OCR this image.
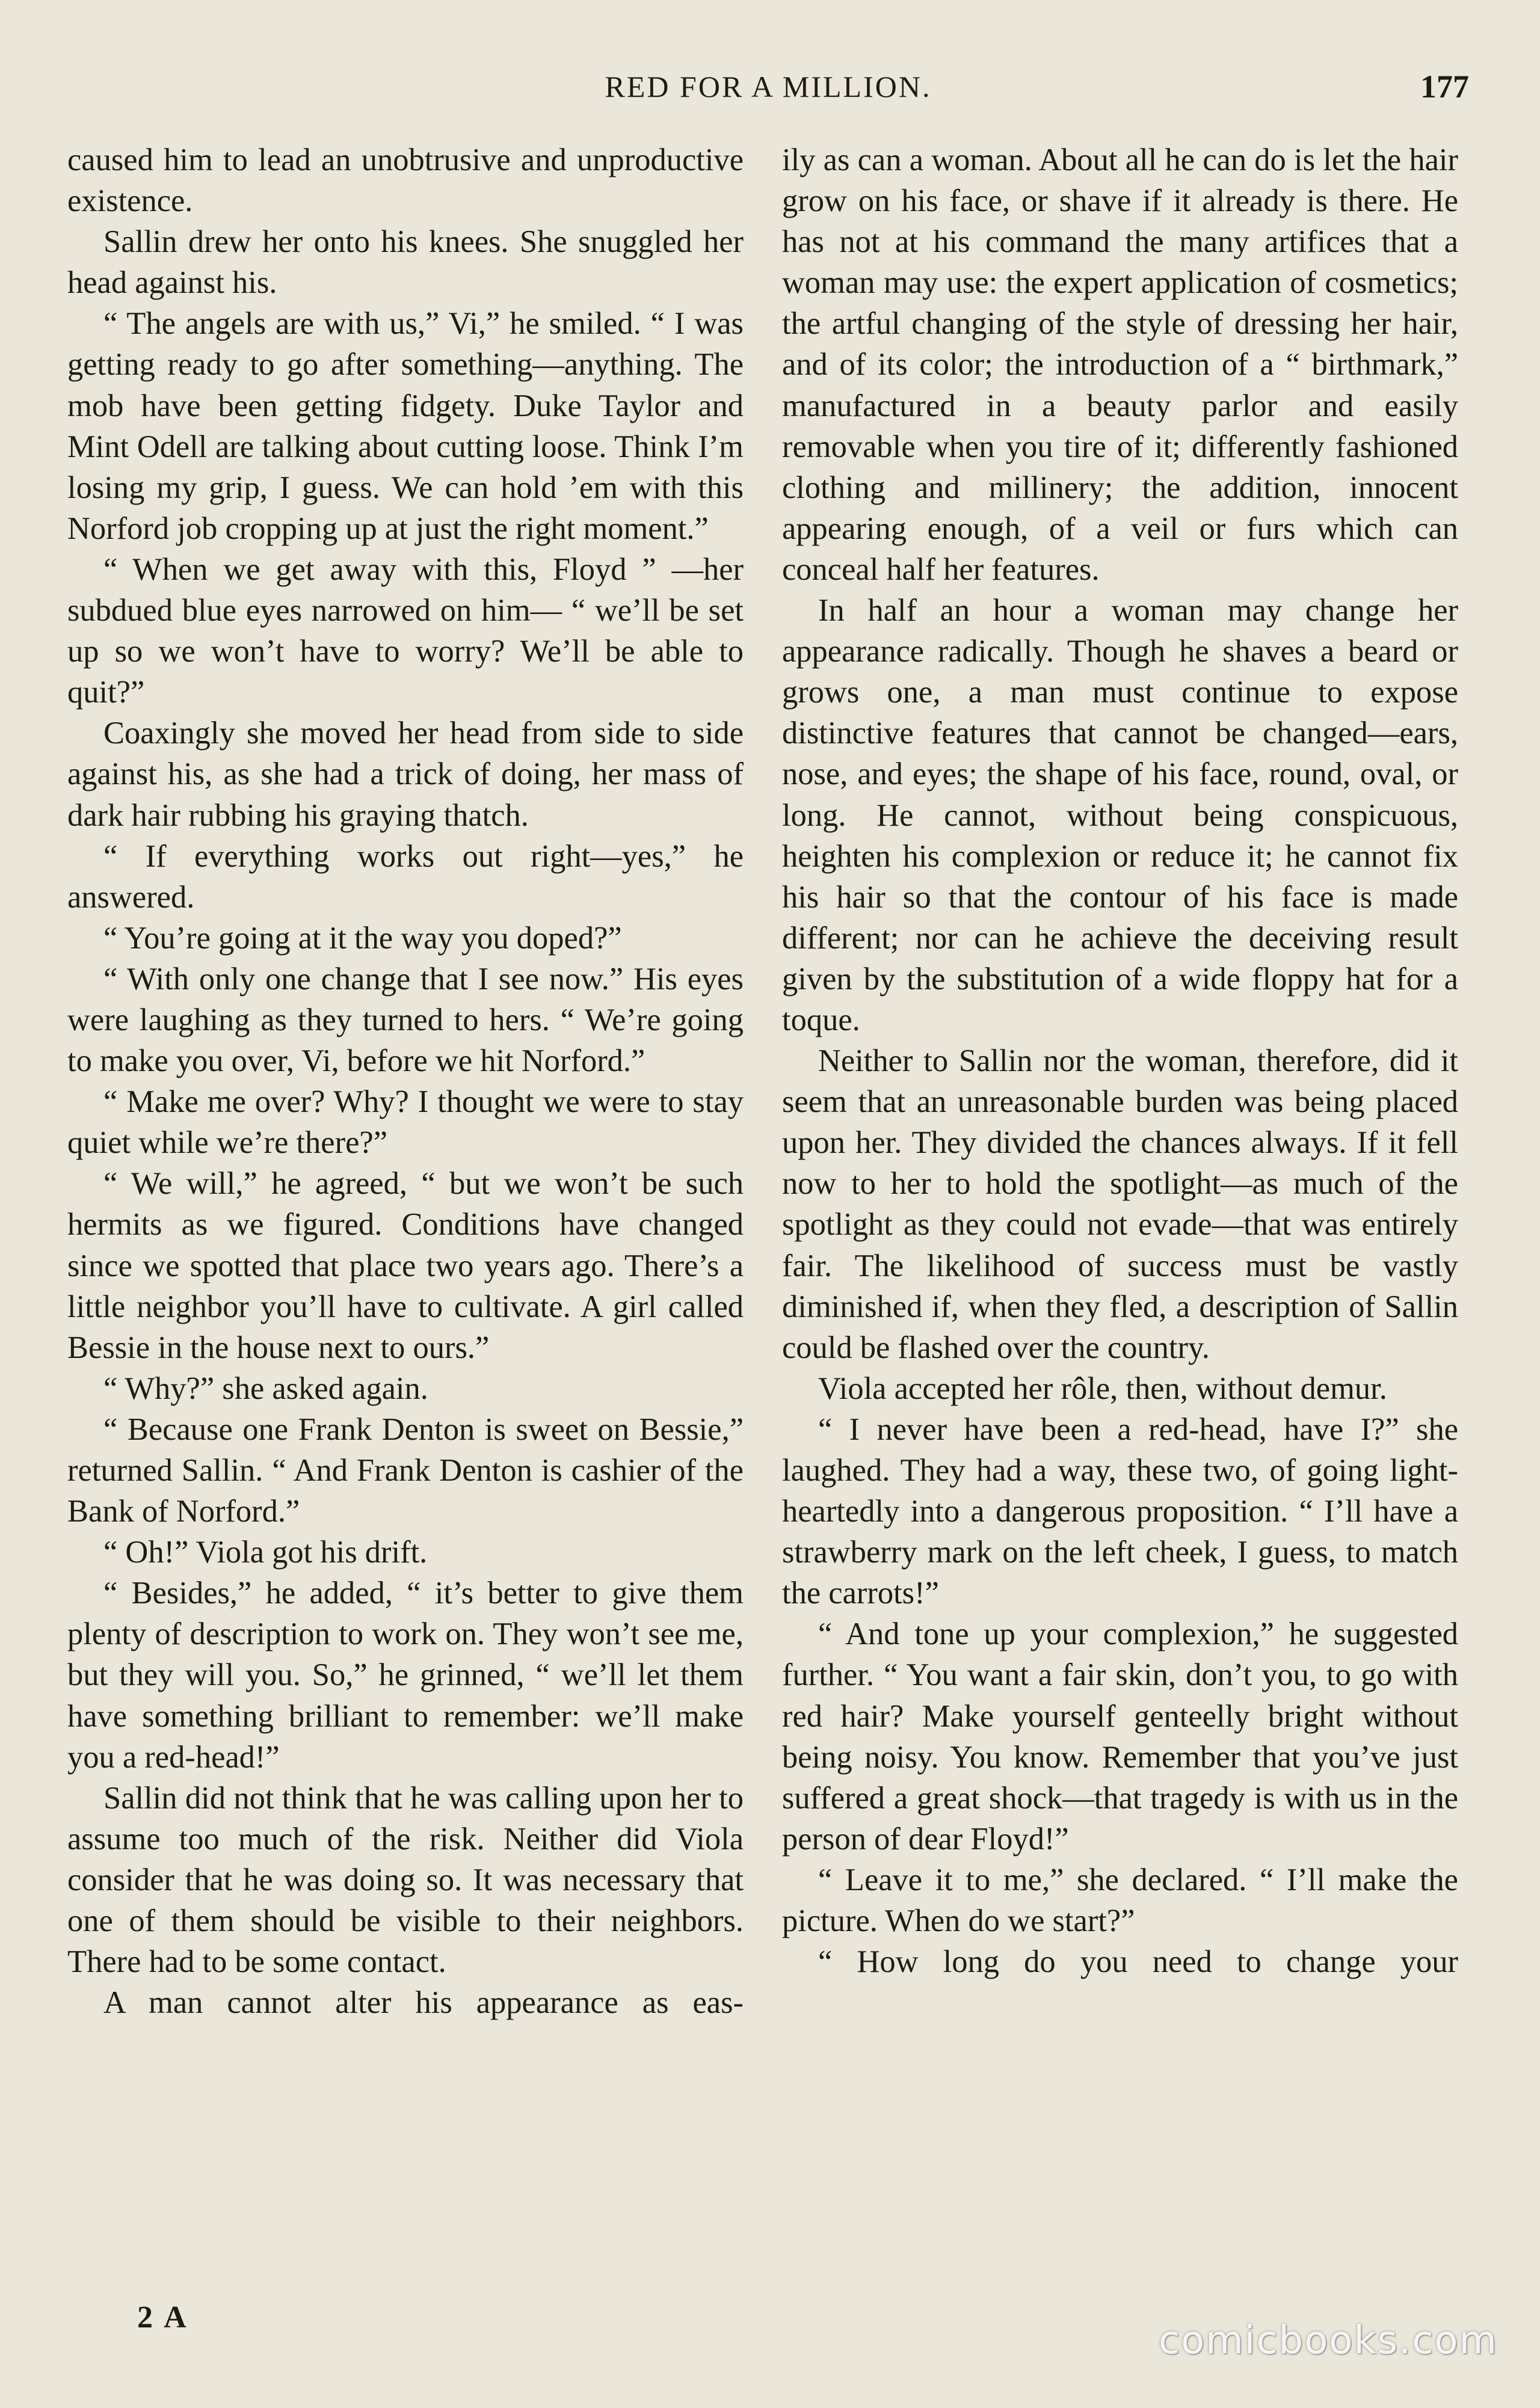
RED FOR A MILLION.	177

caused him to lead an unobtrusive and unproductive existence.

Sallin drew her onto his knees. She snuggled her head against his.

“ The angels are with us,” Vi,” he smiled. “ I was getting ready to go after something—anything. The mob have been getting fidgety. Duke Taylor and Mint Odell are talking about cutting loose. Think I’m losing my grip, I guess. We can hold ’em with this Norford job cropping up at just the right moment.”

“ When we get away with this, Floyd ” —her subdued blue eyes narrowed on him— “ we’ll be set up so we won’t have to worry? We’ll be able to quit?”

Coaxingly she moved her head from side to side against his, as she had a trick of doing, her mass of dark hair rubbing his graying thatch.

“ If everything works out right—yes,” he answered.

“ You’re going at it the way you doped?”

“ With only one change that I see now.” His eyes were laughing as they turned to hers. “ We’re going to make you over, Vi, before we hit Norford.”

“ Make me over? Why? I thought we were to stay quiet while we’re there?”

“ We will,” he agreed, “ but we won’t be such hermits as we figured. Conditions have changed since we spotted that place two years ago. There’s a little neighbor you’ll have to cultivate. A girl called Bessie in the house next to ours.”

“ Why?” she asked again.

“ Because one Frank Denton is sweet on Bessie,” returned Sallin. “ And Frank Denton is cashier of the Bank of Norford.”

“ Oh!” Viola got his drift.

“ Besides,” he added, “ it’s better to give them plenty of description to work on. They won’t see me, but they will you. So,” he grinned, “ we’ll let them have something brilliant to remember: we’ll make you a red-head!”

Sallin did not think that he was calling upon her to assume too much of the risk. Neither did Viola consider that he was doing so. It was necessary that one of them should be visible to their neighbors. There had to be some contact.

A man cannot alter his appearance as eas-

ily as can a woman. About all he can do is let the hair grow on his face, or shave if it already is there. He has not at his command the many artifices that a woman may use: the expert application of cosmetics; the artful changing of the style of dressing her hair, and of its color; the introduction of a “ birthmark,” manufactured in a beauty parlor and easily removable when you tire of it; differently fashioned clothing and millinery; the addition, innocent appearing enough, of a veil or furs which can conceal half her features.

In half an hour a woman may change her appearance radically. Though he shaves a beard or grows one, a man must continue to expose distinctive features that cannot be changed—ears, nose, and eyes; the shape of his face, round, oval, or long. He cannot, without being conspicuous, heighten his complexion or reduce it; he cannot fix his hair so that the contour of his face is made different; nor can he achieve the deceiving result given by the substitution of a wide floppy hat for a toque.

Neither to Sallin nor the woman, therefore, did it seem that an unreasonable burden was being placed upon her. They divided the chances always. If it fell now to her to hold the spotlight—as much of the spotlight as they could not evade—that was entirely fair. The likelihood of success must be vastly diminished if, when they fled, a description of Sallin could be flashed over the country.

Viola accepted her rôle, then, without demur.

“ I never have been a red-head, have I?” she laughed. They had a way, these two, of going light-heartedly into a dangerous proposition. “ I’ll have a strawberry mark on the left cheek, I guess, to match the carrots!”

“ And tone up your complexion,” he suggested further. “ You want a fair skin, don’t you, to go with red hair? Make yourself genteelly bright without being noisy. You know. Remember that you’ve just suffered a great shock—that tragedy is with us in the person of dear Floyd!”

“ Leave it to me,” she declared. “ I’ll make the picture. When do we start?”

“ How long do you need to change your

2 A
comicbooks.com
